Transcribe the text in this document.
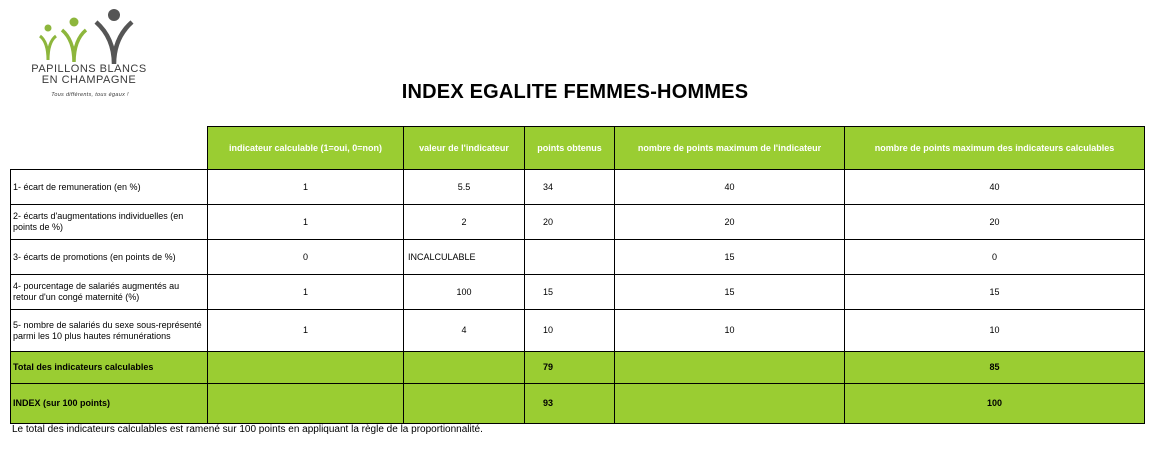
PAPILLONS BLANCS
EN CHAMPAGNE
Tous différents, tous égaux !	INDEX EGALITE FEMMES-HOMMES
	indicateur calculable (1=oui, 0=non)	valeur de l'indicateur	points obtenus	nombre de points maximum de l'indicateur	nombre de points maximum des indicateurs calculables
1- écart de remuneration (en %)	1	5.5	34	40	40
2- écarts d'augmentations individuelles (en points de %)	1	2	20	20	20
3- écarts de promotions (en points de %)	0	INCALCULABLE		15	0
4- pourcentage de salariés augmentés au retour d'un congé maternité (%)	1	100	15	15	15
5- nombre de salariés du sexe sous-représenté parmi les 10 plus hautes rémunérations	1	4	10	10	10
Total des indicateurs calculables			79		85
INDEX (sur 100 points)			93		100
Le total des indicateurs calculables est ramené sur 100 points en appliquant la règle de la proportionnalité.
